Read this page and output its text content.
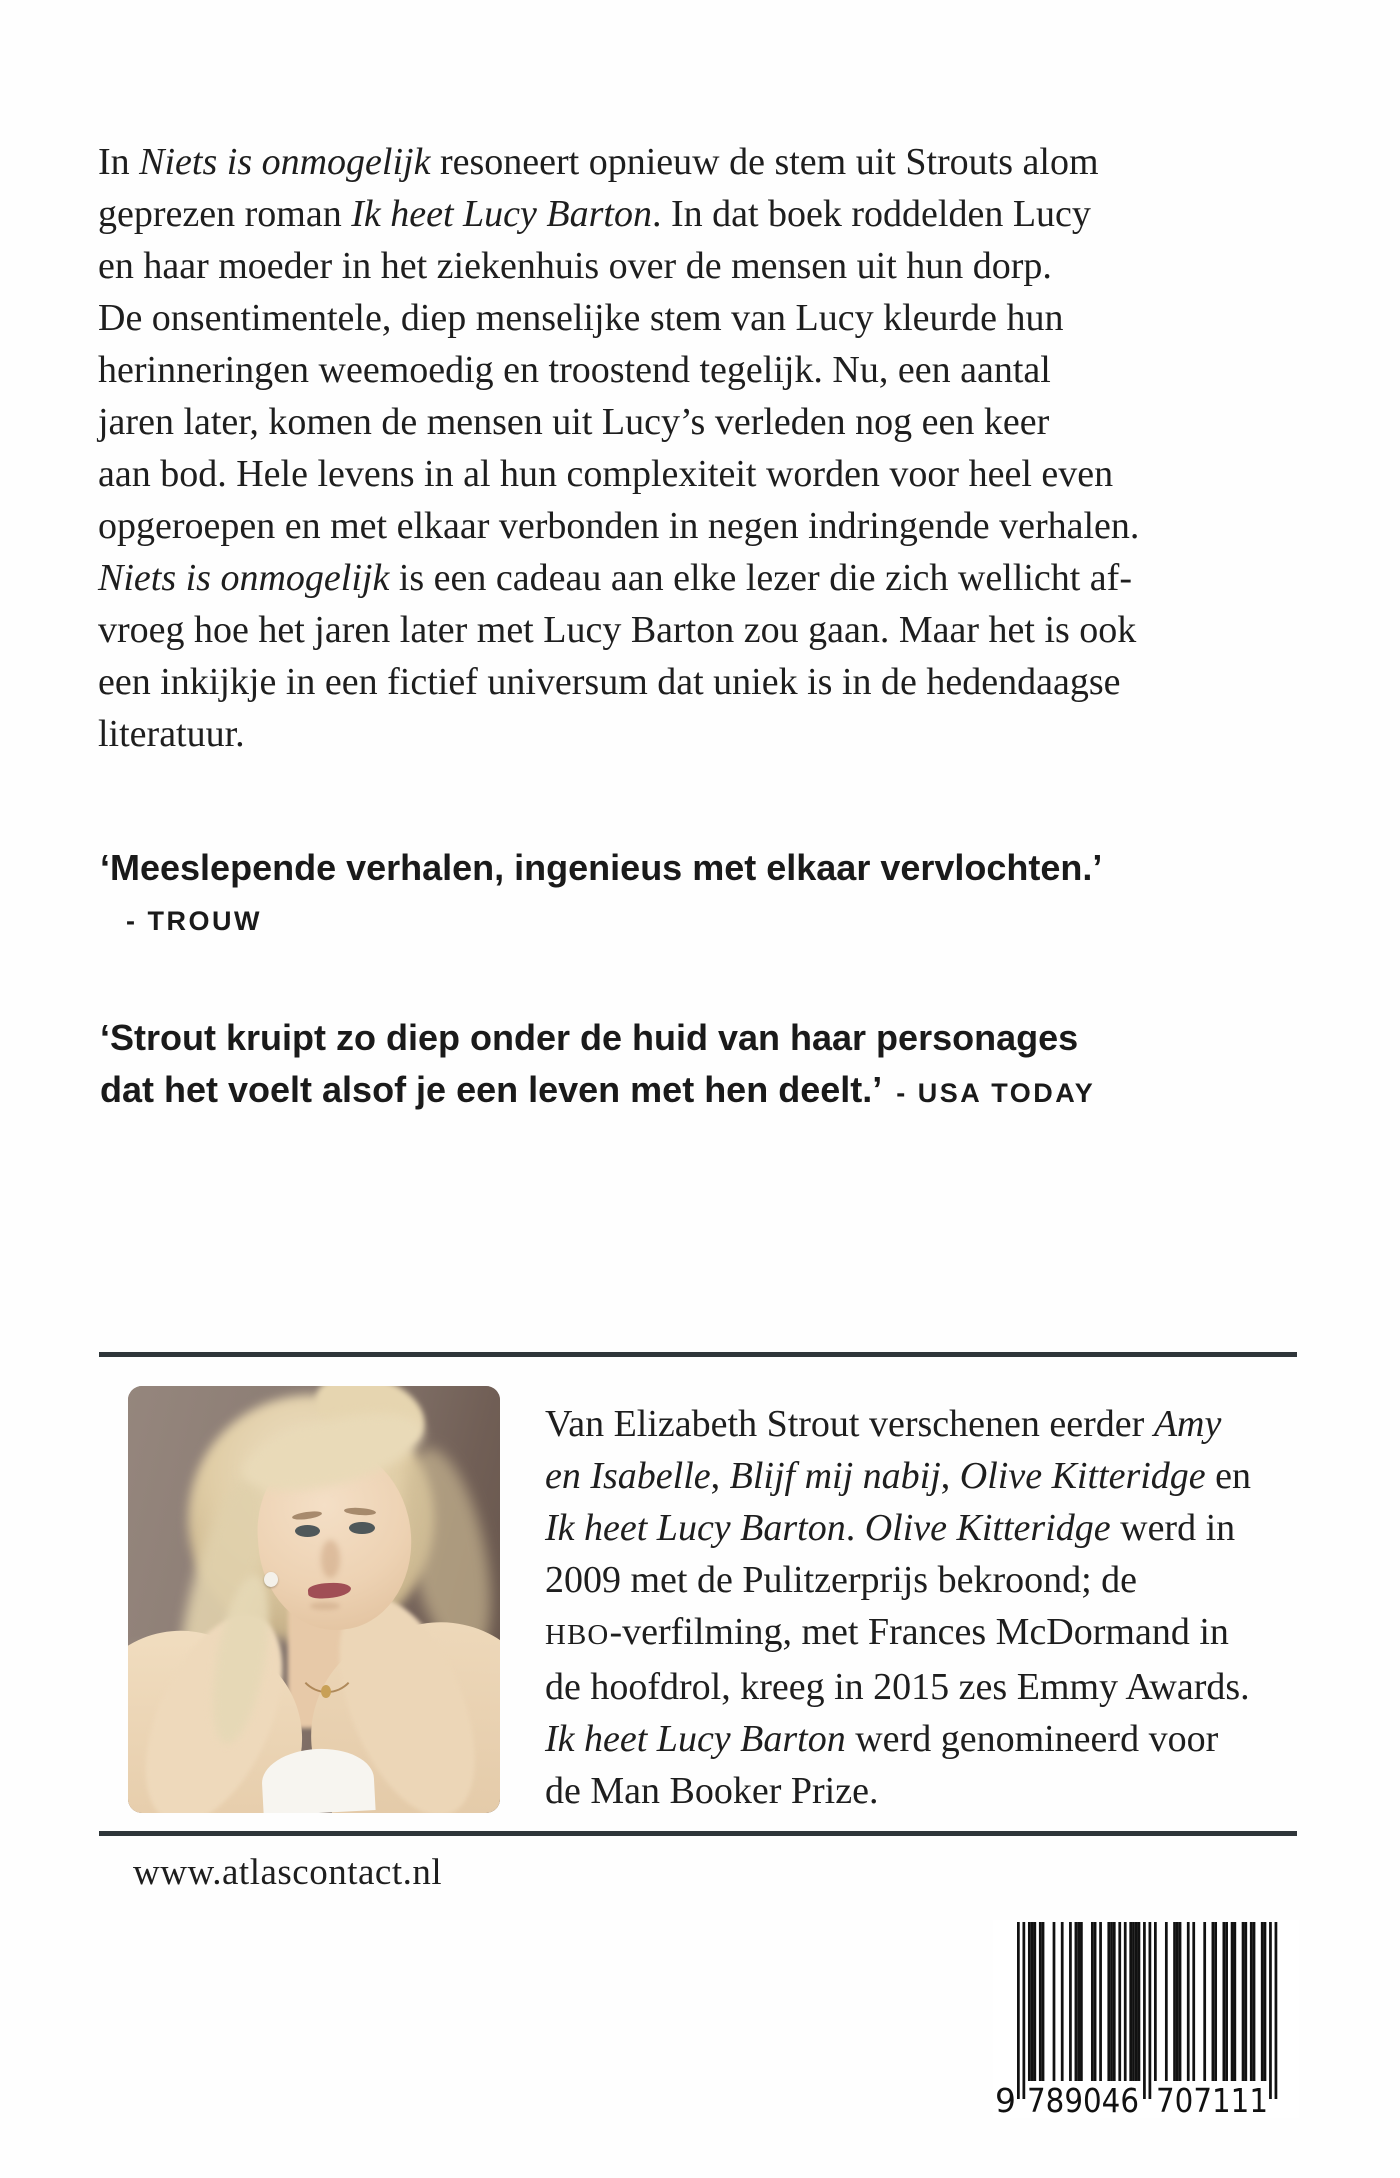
In Niets is onmogelijk resoneert opnieuw de stem uit Strouts alom
geprezen roman Ik heet Lucy Barton. In dat boek roddelden Lucy
en haar moeder in het ziekenhuis over de mensen uit hun dorp.
De onsentimentele, diep menselijke stem van Lucy kleurde hun
herinneringen weemoedig en troostend tegelijk. Nu, een aantal
jaren later, komen de mensen uit Lucy’s verleden nog een keer
aan bod. Hele levens in al hun complexiteit worden voor heel even
opgeroepen en met elkaar verbonden in negen indringende verhalen.
Niets is onmogelijk is een cadeau aan elke lezer die zich wellicht af-
vroeg hoe het jaren later met Lucy Barton zou gaan. Maar het is ook
een inkijkje in een fictief universum dat uniek is in de hedendaagse
literatuur.
‘Meeslepende verhalen, ingenieus met elkaar vervlochten.’
- TROUW
‘Strout kruipt zo diep onder de huid van haar personages
dat het voelt alsof je een leven met hen deelt.’ - USA TODAY
Van Elizabeth Strout verschenen eerder Amy
en Isabelle, Blijf mij nabij, Olive Kitteridge en
Ik heet Lucy Barton. Olive Kitteridge werd in
2009 met de Pulitzerprijs bekroond; de
HBO-verfilming, met Frances McDormand in
de hoofdrol, kreeg in 2015 zes Emmy Awards.
Ik heet Lucy Barton werd genomineerd voor
de Man Booker Prize.
www.atlascontact.nl
9 789046 707111
